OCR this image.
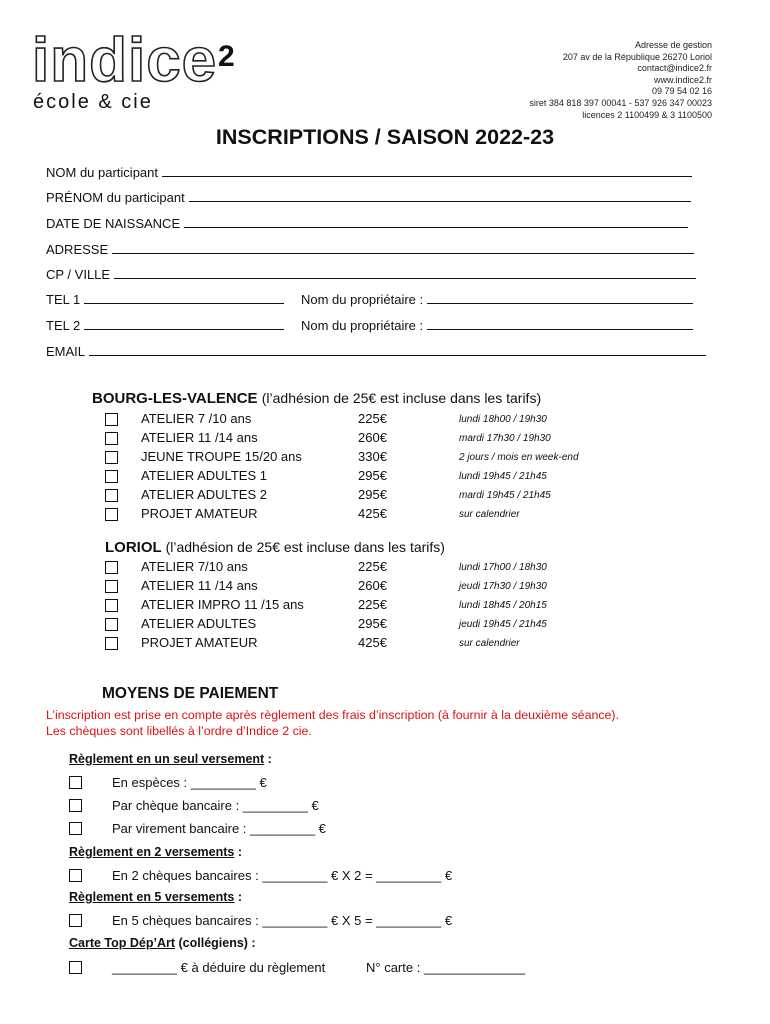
indice 2
école & cie
Adresse de gestion
207 av de la République 26270 Loriol
contact@indice2.fr
www.indice2.fr
09 79 54 02 16
siret 384 818 397 00041 - 537 926 347 00023
licences 2 1100499 & 3 1100500
INSCRIPTIONS / SAISON 2022-23
NOM du participant
PRÉNOM du participant
DATE DE NAISSANCE
ADRESSE
CP / VILLE
TEL 1	Nom du propriétaire :
TEL 2	Nom du propriétaire :
EMAIL
BOURG-LES-VALENCE (l’adhésion de 25€ est incluse dans les tarifs)
ATELIER 7 /10 ans	225€	lundi 18h00 / 19h30
ATELIER 11 /14 ans	260€	mardi 17h30 / 19h30
JEUNE TROUPE 15/20 ans	330€	2 jours / mois en week-end
ATELIER ADULTES 1	295€	lundi 19h45 / 21h45
ATELIER ADULTES 2	295€	mardi 19h45 / 21h45
PROJET AMATEUR	425€	sur calendrier
LORIOL (l’adhésion de 25€ est incluse dans les tarifs)
ATELIER 7/10 ans	225€	lundi 17h00 / 18h30
ATELIER 11 /14 ans	260€	jeudi 17h30 / 19h30
ATELIER IMPRO 11 /15 ans	225€	lundi 18h45 / 20h15
ATELIER ADULTES	295€	jeudi 19h45 / 21h45
PROJET AMATEUR	425€	sur calendrier
MOYENS DE PAIEMENT
L’inscription est prise en compte après règlement des frais d’inscription (à fournir à la deuxième séance).
Les chèques sont libellés à l’ordre d’Indice 2 cie.
Règlement en un seul versement :
En espèces : _________ €
Par chèque bancaire : _________ €
Par virement bancaire : _________ €
Règlement en 2 versements :
En 2 chèques bancaires : _________ € X 2 = _________ €
Règlement en 5 versements :
En 5 chèques bancaires : _________ € X 5 = _________ €
Carte Top Dép’Art (collégiens) :
_________ € à déduire du règlement	N° carte : ______________
